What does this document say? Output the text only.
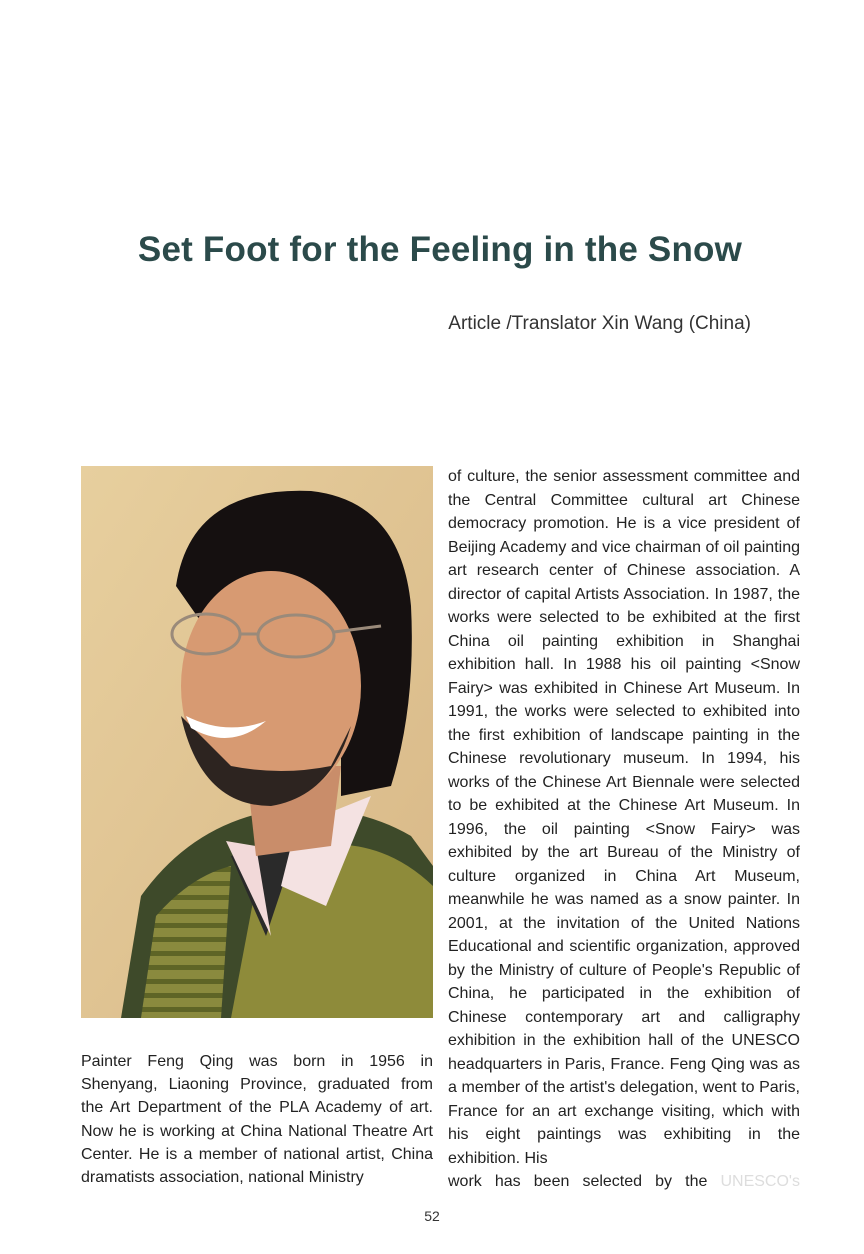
Set Foot for the Feeling in the Snow
Article /Translator Xin Wang (China)

Painter Feng Qing was born in 1956 in Shenyang, Liaoning Province, graduated from the Art Department of the PLA Academy of art. Now he is working at China National Theatre Art Center. He is a member of national artist, China dramatists association, national Ministry

of culture, the senior assessment committee and the Central Committee cultural art Chinese democracy promotion. He is a vice president of Beijing Academy and vice chairman of oil painting art research center of Chinese association. A director of capital Artists Association. In 1987, the works were selected to be exhibited at the first China oil painting exhibition in Shanghai exhibition hall. In 1988 his oil painting <Snow Fairy> was exhibited in Chinese Art Museum. In 1991, the works were selected to exhibited into the first exhibition of landscape painting in the Chinese revolutionary museum. In 1994, his works of the Chinese Art Biennale were selected to be exhibited at the Chinese Art Museum. In 1996, the oil painting <Snow Fairy> was exhibited by the art Bureau of the Ministry of culture organized in China Art Museum, meanwhile he was named as a snow painter. In 2001, at the invitation of the United Nations Educational and scientific organization, approved by the Ministry of culture of People's Republic of China, he participated in the exhibition of Chinese contemporary art and calligraphy exhibition in the exhibition hall of the UNESCO headquarters in Paris, France. Feng Qing was as a member of the artist's delegation, went to Paris, France for an art exchange visiting, which with his eight paintings was exhibiting in the exhibition. His
work has been selected by the UNESCO's

52
